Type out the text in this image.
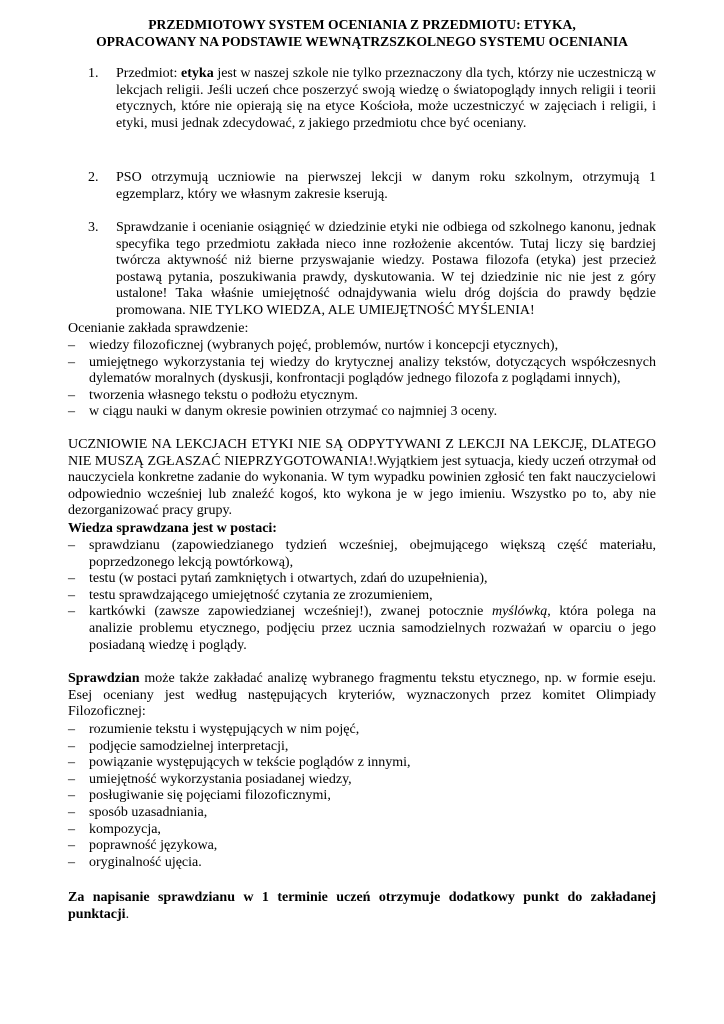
PRZEDMIOTOWY SYSTEM OCENIANIA Z PRZEDMIOTU: ETYKA,
OPRACOWANY NA PODSTAWIE WEWNĄTRZSZKOLNEGO SYSTEMU OCENIANIA
1.	Przedmiot: etyka jest w naszej szkole nie tylko przeznaczony dla tych, którzy nie uczestniczą w lekcjach religii. Jeśli uczeń chce poszerzyć swoją wiedzę o światopoglądy innych religii i teorii etycznych, które nie opierają się na etyce Kościoła, może uczestniczyć w zajęciach i religii, i etyki, musi jednak zdecydować, z jakiego przedmiotu chce być oceniany.
2.	PSO otrzymują uczniowie na pierwszej lekcji w danym roku szkolnym, otrzymują 1 egzemplarz, który we własnym zakresie kserują.
3.	Sprawdzanie i ocenianie osiągnięć w dziedzinie etyki nie odbiega od szkolnego kanonu, jednak specyfika tego przedmiotu zakłada nieco inne rozłożenie akcentów. Tutaj liczy się bardziej twórcza aktywność niż bierne przyswajanie wiedzy. Postawa filozofa (etyka) jest przecież postawą pytania, poszukiwania prawdy, dyskutowania. W tej dziedzinie nic nie jest z góry ustalone! Taka właśnie umiejętność odnajdywania wielu dróg dojścia do prawdy będzie promowana. NIE TYLKO WIEDZA, ALE UMIEJĘTNOŚĆ MYŚLENIA!
Ocenianie zakłada sprawdzenie:
– wiedzy filozoficznej (wybranych pojęć, problemów, nurtów i koncepcji etycznych),
– umiejętnego wykorzystania tej wiedzy do krytycznej analizy tekstów, dotyczących współczesnych dylematów moralnych (dyskusji, konfrontacji poglądów jednego filozofa z poglądami innych),
– tworzenia własnego tekstu o podłożu etycznym.
– w ciągu nauki w danym okresie powinien otrzymać co najmniej 3 oceny.
UCZNIOWIE NA LEKCJACH ETYKI NIE SĄ ODPYTYWANI Z LEKCJI NA LEKCJĘ, DLATEGO NIE MUSZĄ ZGŁASZAĆ NIEPRZYGOTOWANIA!.Wyjątkiem jest sytuacja, kiedy uczeń otrzymał od nauczyciela konkretne zadanie do wykonania. W tym wypadku powinien zgłosić ten fakt nauczycielowi odpowiednio wcześniej lub znaleźć kogoś, kto wykona je w jego imieniu. Wszystko po to, aby nie dezorganizować pracy grupy.
Wiedza sprawdzana jest w postaci:
– sprawdzianu (zapowiedzianego tydzień wcześniej, obejmującego większą część materiału, poprzedzonego lekcją powtórkową),
– testu (w postaci pytań zamkniętych i otwartych, zdań do uzupełnienia),
– testu sprawdzającego umiejętność czytania ze zrozumieniem,
– kartkówki (zawsze zapowiedzianej wcześniej!), zwanej potocznie myślówką, która polega na analizie problemu etycznego, podjęciu przez ucznia samodzielnych rozważań w oparciu o jego posiadaną wiedzę i poglądy.
Sprawdzian może także zakładać analizę wybranego fragmentu tekstu etycznego, np. w formie eseju. Esej oceniany jest według następujących kryteriów, wyznaczonych przez komitet Olimpiady Filozoficznej:
– rozumienie tekstu i występujących w nim pojęć,
– podjęcie samodzielnej interpretacji,
– powiązanie występujących w tekście poglądów z innymi,
– umiejętność wykorzystania posiadanej wiedzy,
– posługiwanie się pojęciami filozoficznymi,
– sposób uzasadniania,
– kompozycja,
– poprawność językowa,
– oryginalność ujęcia.
Za napisanie sprawdzianu w 1 terminie uczeń otrzymuje dodatkowy punkt do zakładanej punktacji.
